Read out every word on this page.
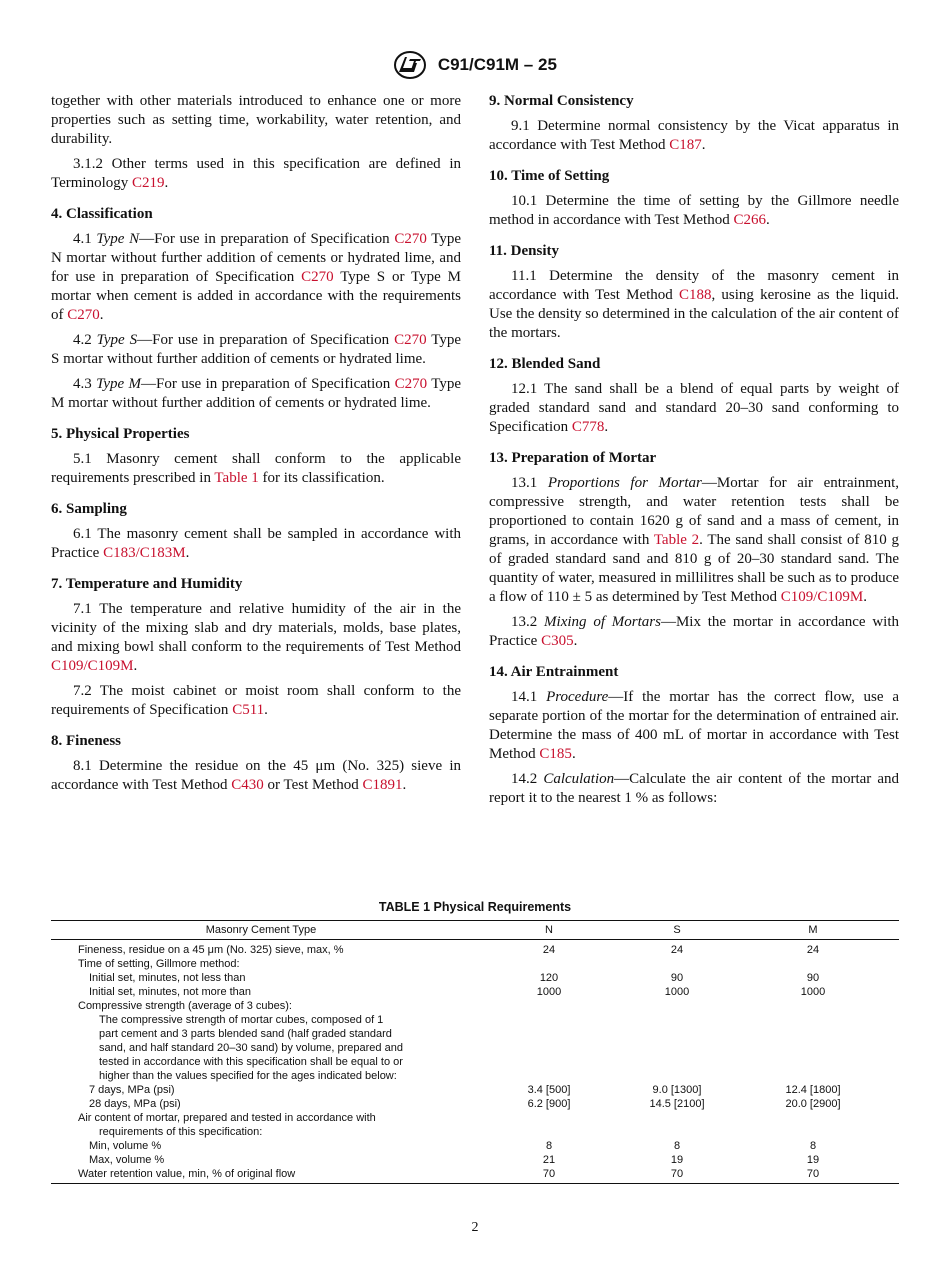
C91/C91M – 25

together with other materials introduced to enhance one or more properties such as setting time, workability, water retention, and durability.

3.1.2 Other terms used in this specification are defined in Terminology C219.

4. Classification

4.1 Type N—For use in preparation of Specification C270 Type N mortar without further addition of cements or hydrated lime, and for use in preparation of Specification C270 Type S or Type M mortar when cement is added in accordance with the requirements of C270.

4.2 Type S—For use in preparation of Specification C270 Type S mortar without further addition of cements or hydrated lime.

4.3 Type M—For use in preparation of Specification C270 Type M mortar without further addition of cements or hydrated lime.

5. Physical Properties

5.1 Masonry cement shall conform to the applicable requirements prescribed in Table 1 for its classification.

6. Sampling

6.1 The masonry cement shall be sampled in accordance with Practice C183/C183M.

7. Temperature and Humidity

7.1 The temperature and relative humidity of the air in the vicinity of the mixing slab and dry materials, molds, base plates, and mixing bowl shall conform to the requirements of Test Method C109/C109M.

7.2 The moist cabinet or moist room shall conform to the requirements of Specification C511.

8. Fineness

8.1 Determine the residue on the 45 μm (No. 325) sieve in accordance with Test Method C430 or Test Method C1891.

9. Normal Consistency

9.1 Determine normal consistency by the Vicat apparatus in accordance with Test Method C187.

10. Time of Setting

10.1 Determine the time of setting by the Gillmore needle method in accordance with Test Method C266.

11. Density

11.1 Determine the density of the masonry cement in accordance with Test Method C188, using kerosine as the liquid. Use the density so determined in the calculation of the air content of the mortars.

12. Blended Sand

12.1 The sand shall be a blend of equal parts by weight of graded standard sand and standard 20–30 sand conforming to Specification C778.

13. Preparation of Mortar

13.1 Proportions for Mortar—Mortar for air entrainment, compressive strength, and water retention tests shall be proportioned to contain 1620 g of sand and a mass of cement, in grams, in accordance with Table 2. The sand shall consist of 810 g of graded standard sand and 810 g of 20–30 standard sand. The quantity of water, measured in millilitres shall be such as to produce a flow of 110 ± 5 as determined by Test Method C109/C109M.

13.2 Mixing of Mortars—Mix the mortar in accordance with Practice C305.

14. Air Entrainment

14.1 Procedure—If the mortar has the correct flow, use a separate portion of the mortar for the determination of entrained air. Determine the mass of 400 mL of mortar in accordance with Test Method C185.

14.2 Calculation—Calculate the air content of the mortar and report it to the nearest 1 % as follows:

TABLE 1 Physical Requirements
Masonry Cement Type	N	S	M
Fineness, residue on a 45 μm (No. 325) sieve, max, %	24	24	24
Time of setting, Gillmore method:			
Initial set, minutes, not less than	120	90	90
Initial set, minutes, not more than	1000	1000	1000
Compressive strength (average of 3 cubes):			
The compressive strength of mortar cubes, composed of 1			
part cement and 3 parts blended sand (half graded standard			
sand, and half standard 20–30 sand) by volume, prepared and			
tested in accordance with this specification shall be equal to or			
higher than the values specified for the ages indicated below:			
7 days, MPa (psi)	3.4 [500]	9.0 [1300]	12.4 [1800]
28 days, MPa (psi)	6.2 [900]	14.5 [2100]	20.0 [2900]
Air content of mortar, prepared and tested in accordance with			
requirements of this specification:			
Min, volume %	8	8	8
Max, volume %	21	19	19
Water retention value, min, % of original flow	70	70	70
2
